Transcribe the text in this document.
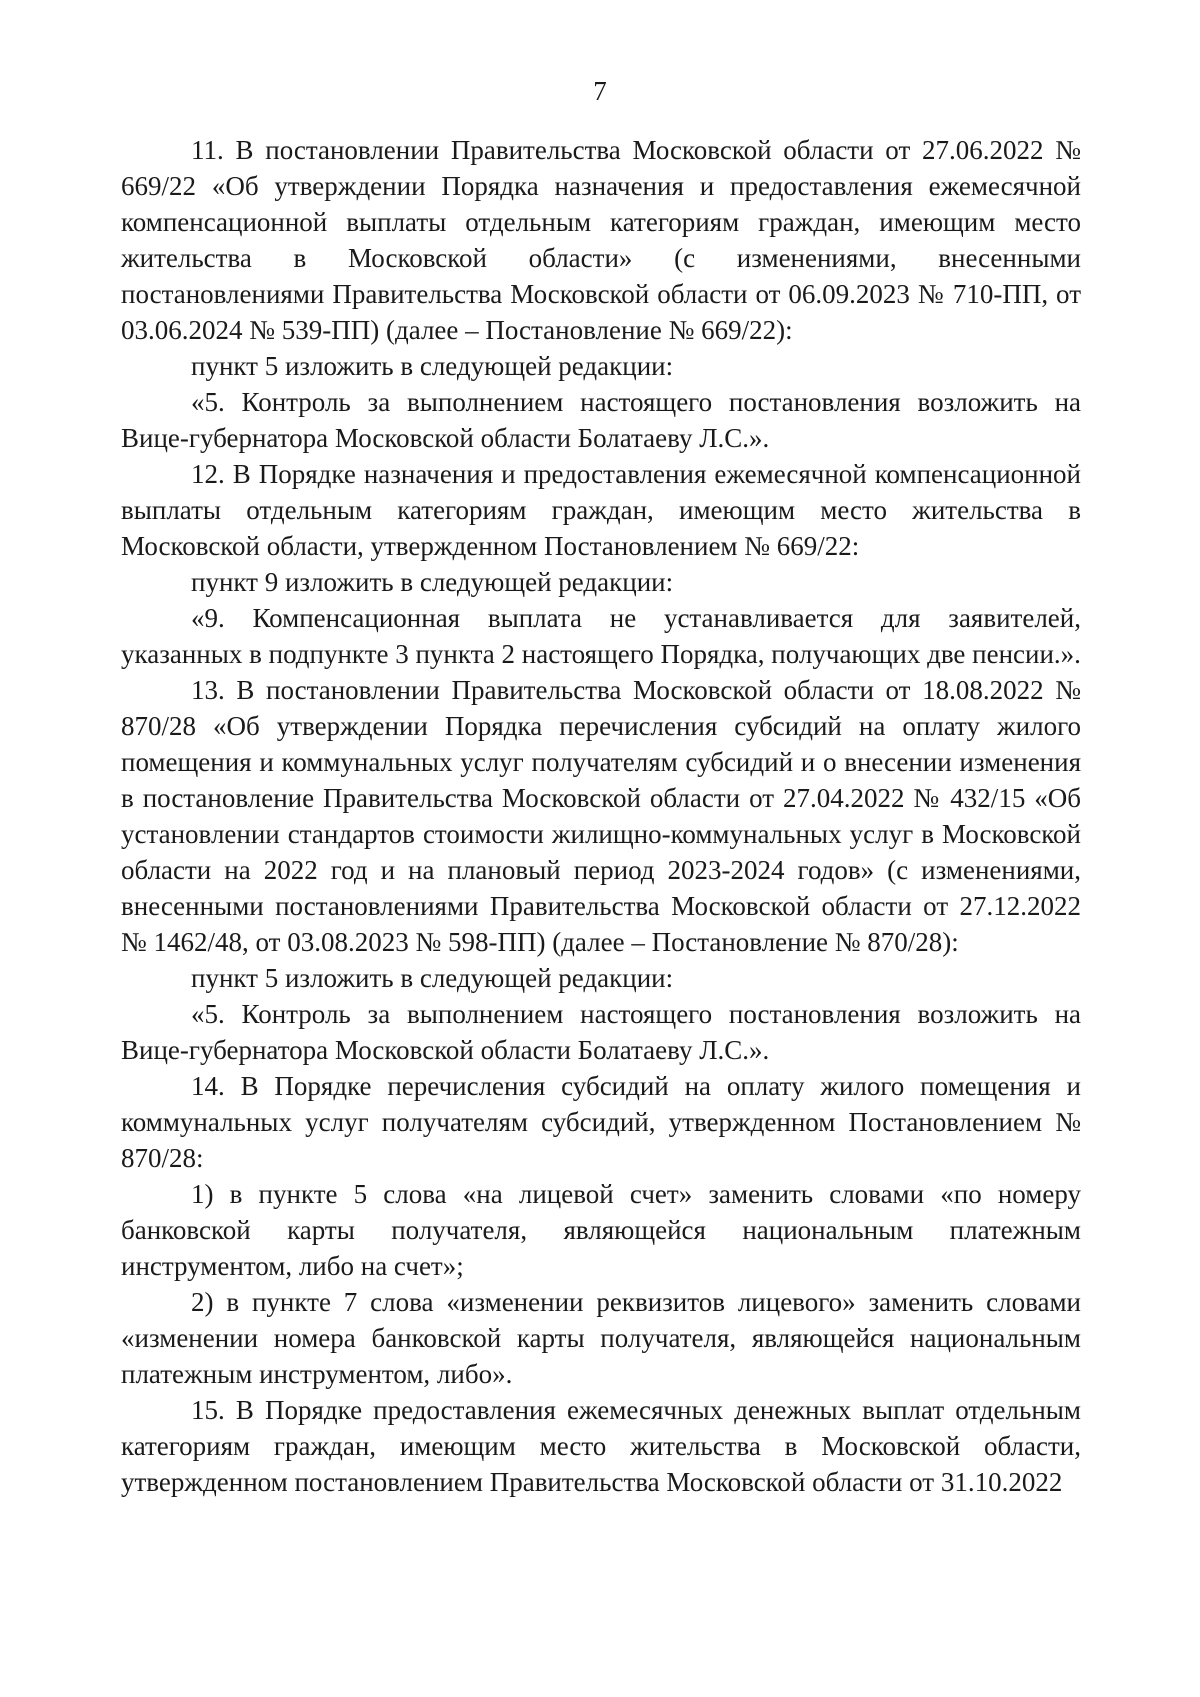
7

11. В постановлении Правительства Московской области от 27.06.2022 № 669/22 «Об утверждении Порядка назначения и предоставления ежемесячной компенсационной выплаты отдельным категориям граждан, имеющим место жительства в Московской области» (с изменениями, внесенными постановлениями Правительства Московской области от 06.09.2023 № 710-ПП, от 03.06.2024 № 539-ПП) (далее – Постановление № 669/22):

пункт 5 изложить в следующей редакции:

«5. Контроль за выполнением настоящего постановления возложить на Вице-губернатора Московской области Болатаеву Л.С.».

12. В Порядке назначения и предоставления ежемесячной компенсационной выплаты отдельным категориям граждан, имеющим место жительства в Московской области, утвержденном Постановлением № 669/22:

пункт 9 изложить в следующей редакции:

«9. Компенсационная выплата не устанавливается для заявителей, указанных в подпункте 3 пункта 2 настоящего Порядка, получающих две пенсии.».

13. В постановлении Правительства Московской области от 18.08.2022 № 870/28 «Об утверждении Порядка перечисления субсидий на оплату жилого помещения и коммунальных услуг получателям субсидий и о внесении изменения в постановление Правительства Московской области от 27.04.2022 № 432/15 «Об установлении стандартов стоимости жилищно-коммунальных услуг в Московской области на 2022 год и на плановый период 2023-2024 годов» (с изменениями, внесенными постановлениями Правительства Московской области от 27.12.2022 № 1462/48, от 03.08.2023 № 598-ПП) (далее – Постановление № 870/28):

пункт 5 изложить в следующей редакции:

«5. Контроль за выполнением настоящего постановления возложить на Вице-губернатора Московской области Болатаеву Л.С.».

14. В Порядке перечисления субсидий на оплату жилого помещения и коммунальных услуг получателям субсидий, утвержденном Постановлением № 870/28:

1) в пункте 5 слова «на лицевой счет» заменить словами «по номеру банковской карты получателя, являющейся национальным платежным инструментом, либо на счет»;

2) в пункте 7 слова «изменении реквизитов лицевого» заменить словами «изменении номера банковской карты получателя, являющейся национальным платежным инструментом, либо».

15. В Порядке предоставления ежемесячных денежных выплат отдельным категориям граждан, имеющим место жительства в Московской области, утвержденном постановлением Правительства Московской области от 31.10.2022
